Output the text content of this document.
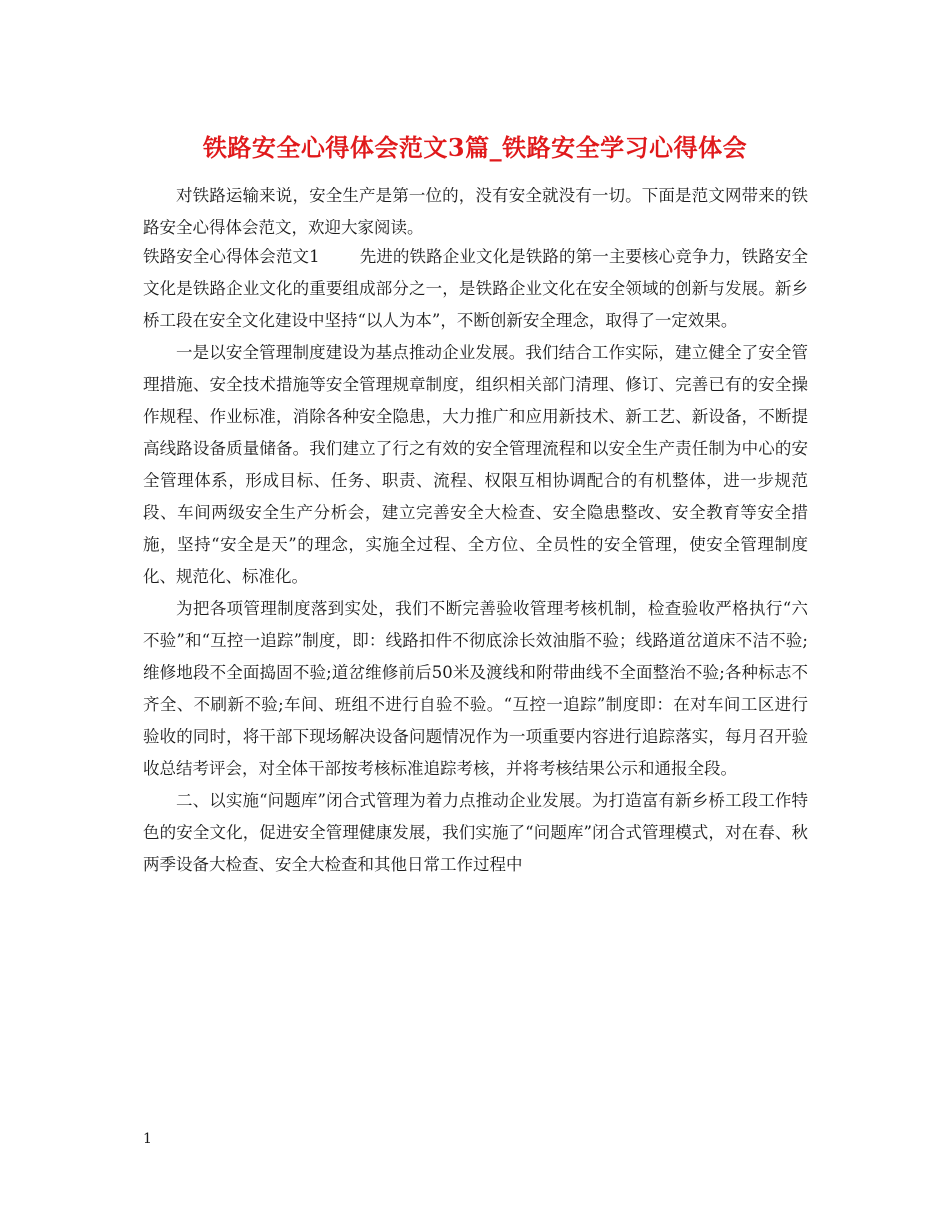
铁路安全心得体会范文3篇_铁路安全学习心得体会

对铁路运输来说，安全生产是第一位的，没有安全就没有一切。下面是范文网带来的铁路安全心得体会范文，欢迎大家阅读。

铁路安全心得体会范文1 先进的铁路企业文化是铁路的第一主要核心竞争力，铁路安全文化是铁路企业文化的重要组成部分之一，是铁路企业文化在安全领域的创新与发展。新乡桥工段在安全文化建设中坚持“以人为本”，不断创新安全理念，取得了一定效果。

一是以安全管理制度建设为基点推动企业发展。我们结合工作实际，建立健全了安全管理措施、安全技术措施等安全管理规章制度，组织相关部门清理、修订、完善已有的安全操作规程、作业标准，消除各种安全隐患，大力推广和应用新技术、新工艺、新设备，不断提高线路设备质量储备。我们建立了行之有效的安全管理流程和以安全生产责任制为中心的安全管理体系，形成目标、任务、职责、流程、权限互相协调配合的有机整体，进一步规范段、车间两级安全生产分析会，建立完善安全大检查、安全隐患整改、安全教育等安全措施，坚持“安全是天”的理念，实施全过程、全方位、全员性的安全管理，使安全管理制度化、规范化、标准化。

为把各项管理制度落到实处，我们不断完善验收管理考核机制，检查验收严格执行“六不验”和“互控一追踪”制度，即：线路扣件不彻底涂长效油脂不验；线路道岔道床不洁不验;维修地段不全面捣固不验;道岔维修前后50米及渡线和附带曲线不全面整治不验;各种标志不齐全、不刷新不验;车间、班组不进行自验不验。“互控一追踪”制度即：在对车间工区进行验收的同时，将干部下现场解决设备问题情况作为一项重要内容进行追踪落实，每月召开验收总结考评会，对全体干部按考核标准追踪考核，并将考核结果公示和通报全段。

二、以实施“问题库”闭合式管理为着力点推动企业发展。为打造富有新乡桥工段工作特色的安全文化，促进安全管理健康发展，我们实施了“问题库”闭合式管理模式，对在春、秋两季设备大检查、安全大检查和其他日常工作过程中

1
